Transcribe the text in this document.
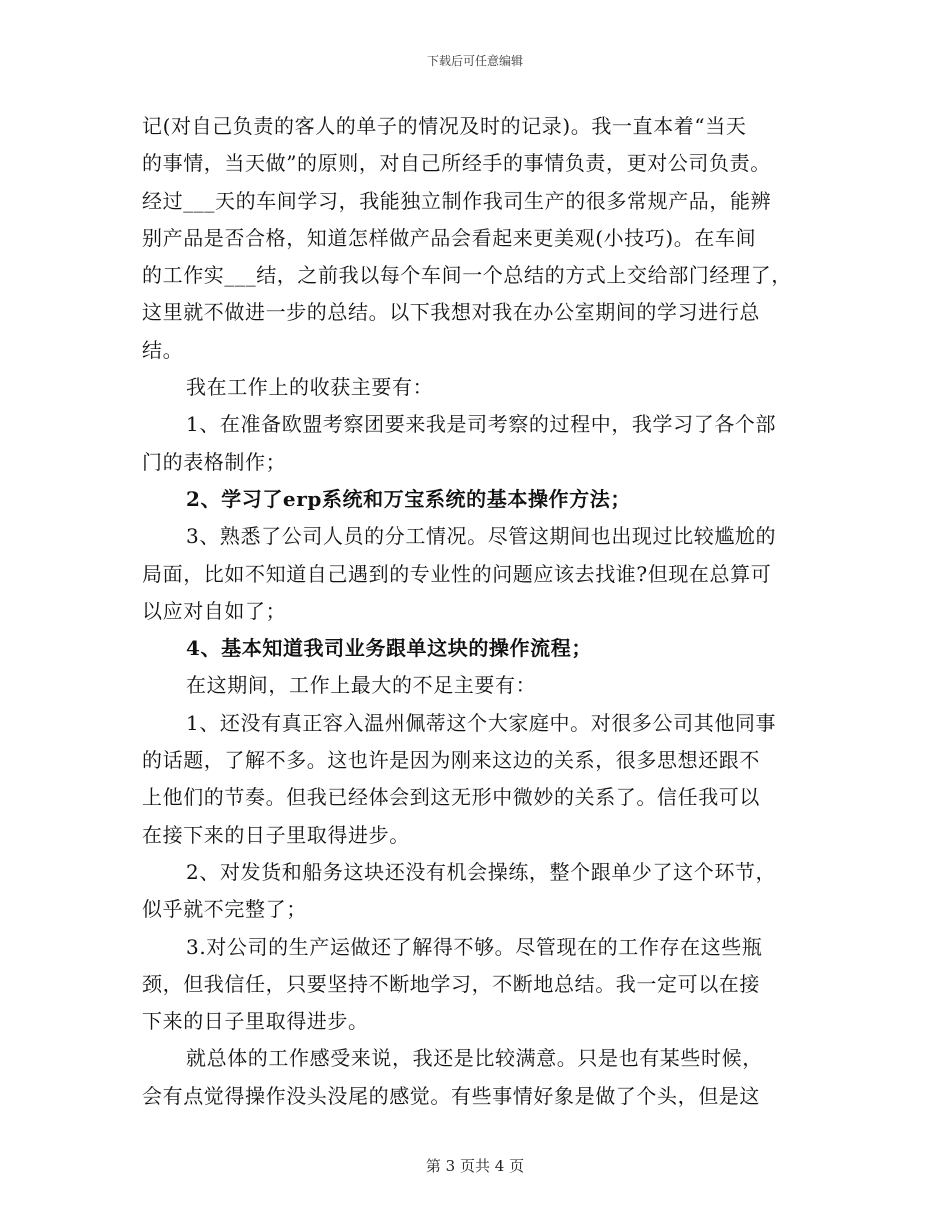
下载后可任意编辑
记(对自己负责的客人的单子的情况及时的记录)。我一直本着“当天
的事情，当天做”的原则，对自己所经手的事情负责，更对公司负责。
经过___天的车间学习，我能独立制作我司生产的很多常规产品，能辨
别产品是否合格，知道怎样做产品会看起来更美观(小技巧)。在车间
的工作实___结，之前我以每个车间一个总结的方式上交给部门经理了，
这里就不做进一步的总结。以下我想对我在办公室期间的学习进行总
结。
我在工作上的收获主要有：
1、在准备欧盟考察团要来我是司考察的过程中，我学习了各个部
门的表格制作；
2、学习了erp系统和万宝系统的基本操作方法；
3、熟悉了公司人员的分工情况。尽管这期间也出现过比较尴尬的
局面，比如不知道自己遇到的专业性的问题应该去找谁?但现在总算可
以应对自如了；
4、基本知道我司业务跟单这块的操作流程；
在这期间，工作上最大的不足主要有：
1、还没有真正容入温州佩蒂这个大家庭中。对很多公司其他同事
的话题，了解不多。这也许是因为刚来这边的关系，很多思想还跟不
上他们的节奏。但我已经体会到这无形中微妙的关系了。信任我可以
在接下来的日子里取得进步。
2、对发货和船务这块还没有机会操练，整个跟单少了这个环节，
似乎就不完整了；
3.对公司的生产运做还了解得不够。尽管现在的工作存在这些瓶
颈，但我信任，只要坚持不断地学习，不断地总结。我一定可以在接
下来的日子里取得进步。
就总体的工作感受来说，我还是比较满意。只是也有某些时候，
会有点觉得操作没头没尾的感觉。有些事情好象是做了个头，但是这
第 3 页共 4 页
